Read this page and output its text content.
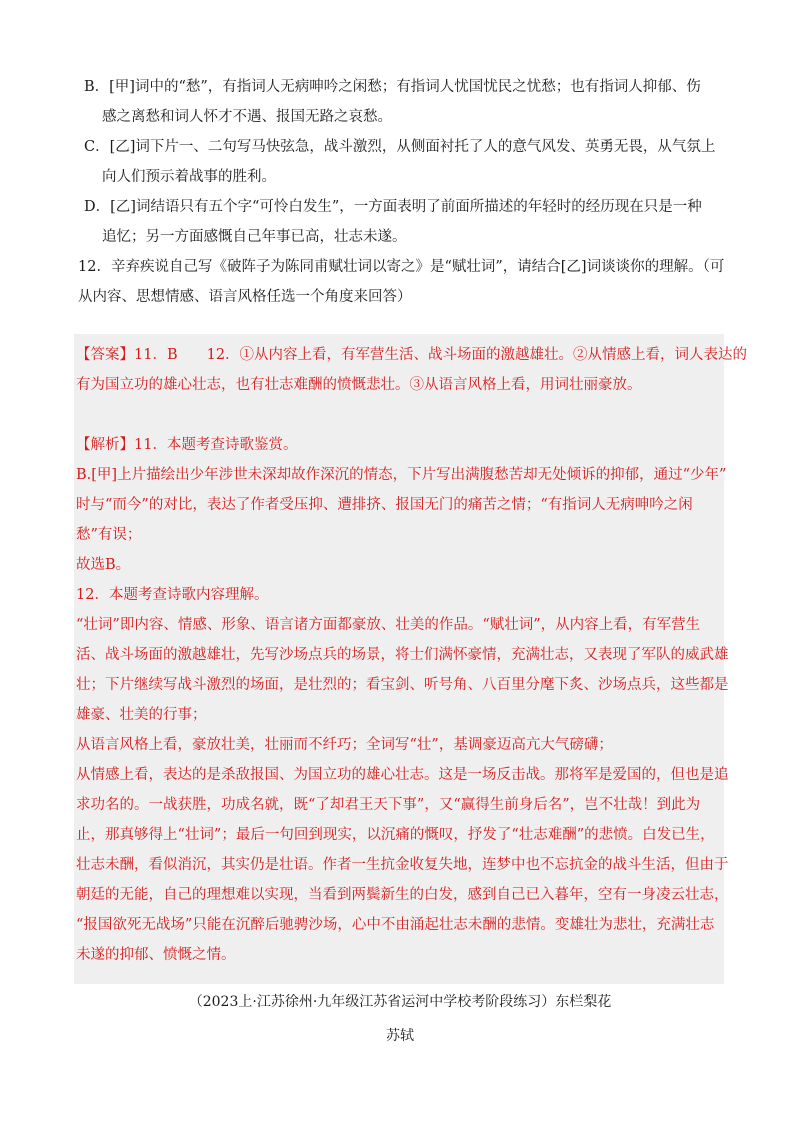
B．[甲]词中的“愁”，有指词人无病呻吟之闲愁；有指词人忧国忧民之忧愁；也有指词人抑郁、伤
感之离愁和词人怀才不遇、报国无路之哀愁。
C．[乙]词下片一、二句写马快弦急，战斗激烈，从侧面衬托了人的意气风发、英勇无畏，从气氛上
向人们预示着战事的胜利。
D．[乙]词结语只有五个字“可怜白发生”，一方面表明了前面所描述的年轻时的经历现在只是一种
追忆；另一方面感慨自己年事已高，壮志未遂。
12．辛弃疾说自己写《破阵子为陈同甫赋壮词以寄之》是“赋壮词”，请结合[乙]词谈谈你的理解。（可
从内容、思想情感、语言风格任选一个角度来回答）
【答案】11．B　　12．①从内容上看，有军营生活、战斗场面的激越雄壮。②从情感上看，词人表达的
有为国立功的雄心壮志，也有壮志难酬的愤慨悲壮。③从语言风格上看，用词壮丽豪放。
【解析】11．本题考查诗歌鉴赏。
B.[甲]上片描绘出少年涉世未深却故作深沉的情态，下片写出满腹愁苦却无处倾诉的抑郁，通过“少年”
时与“而今”的对比，表达了作者受压抑、遭排挤、报国无门的痛苦之情；“有指词人无病呻吟之闲
愁”有误；
故选B。
12．本题考查诗歌内容理解。
“壮词”即内容、情感、形象、语言诸方面都豪放、壮美的作品。“赋壮词”，从内容上看，有军营生
活、战斗场面的激越雄壮，先写沙场点兵的场景，将士们满怀豪情，充满壮志，又表现了军队的威武雄
壮；下片继续写战斗激烈的场面，是壮烈的；看宝剑、听号角、八百里分麾下炙、沙场点兵，这些都是
雄豪、壮美的行事；
从语言风格上看，豪放壮美，壮丽而不纤巧；全词写“壮”，基调豪迈高亢大气磅礴；
从情感上看，表达的是杀敌报国、为国立功的雄心壮志。这是一场反击战。那将军是爱国的，但也是追
求功名的。一战获胜，功成名就，既“了却君王天下事”，又“赢得生前身后名”，岂不壮哉！到此为
止，那真够得上“壮词”；最后一句回到现实，以沉痛的慨叹，抒发了“壮志难酬”的悲愤。白发已生，
壮志未酬，看似消沉，其实仍是壮语。作者一生抗金收复失地，连梦中也不忘抗金的战斗生活，但由于
朝廷的无能，自己的理想难以实现，当看到两鬓新生的白发，感到自己已入暮年，空有一身凌云壮志，
“报国欲死无战场”只能在沉醉后驰骋沙场，心中不由涌起壮志未酬的悲情。变雄壮为悲壮，充满壮志
未遂的抑郁、愤慨之情。
（2023上·江苏徐州·九年级江苏省运河中学校考阶段练习）东栏梨花
苏轼
